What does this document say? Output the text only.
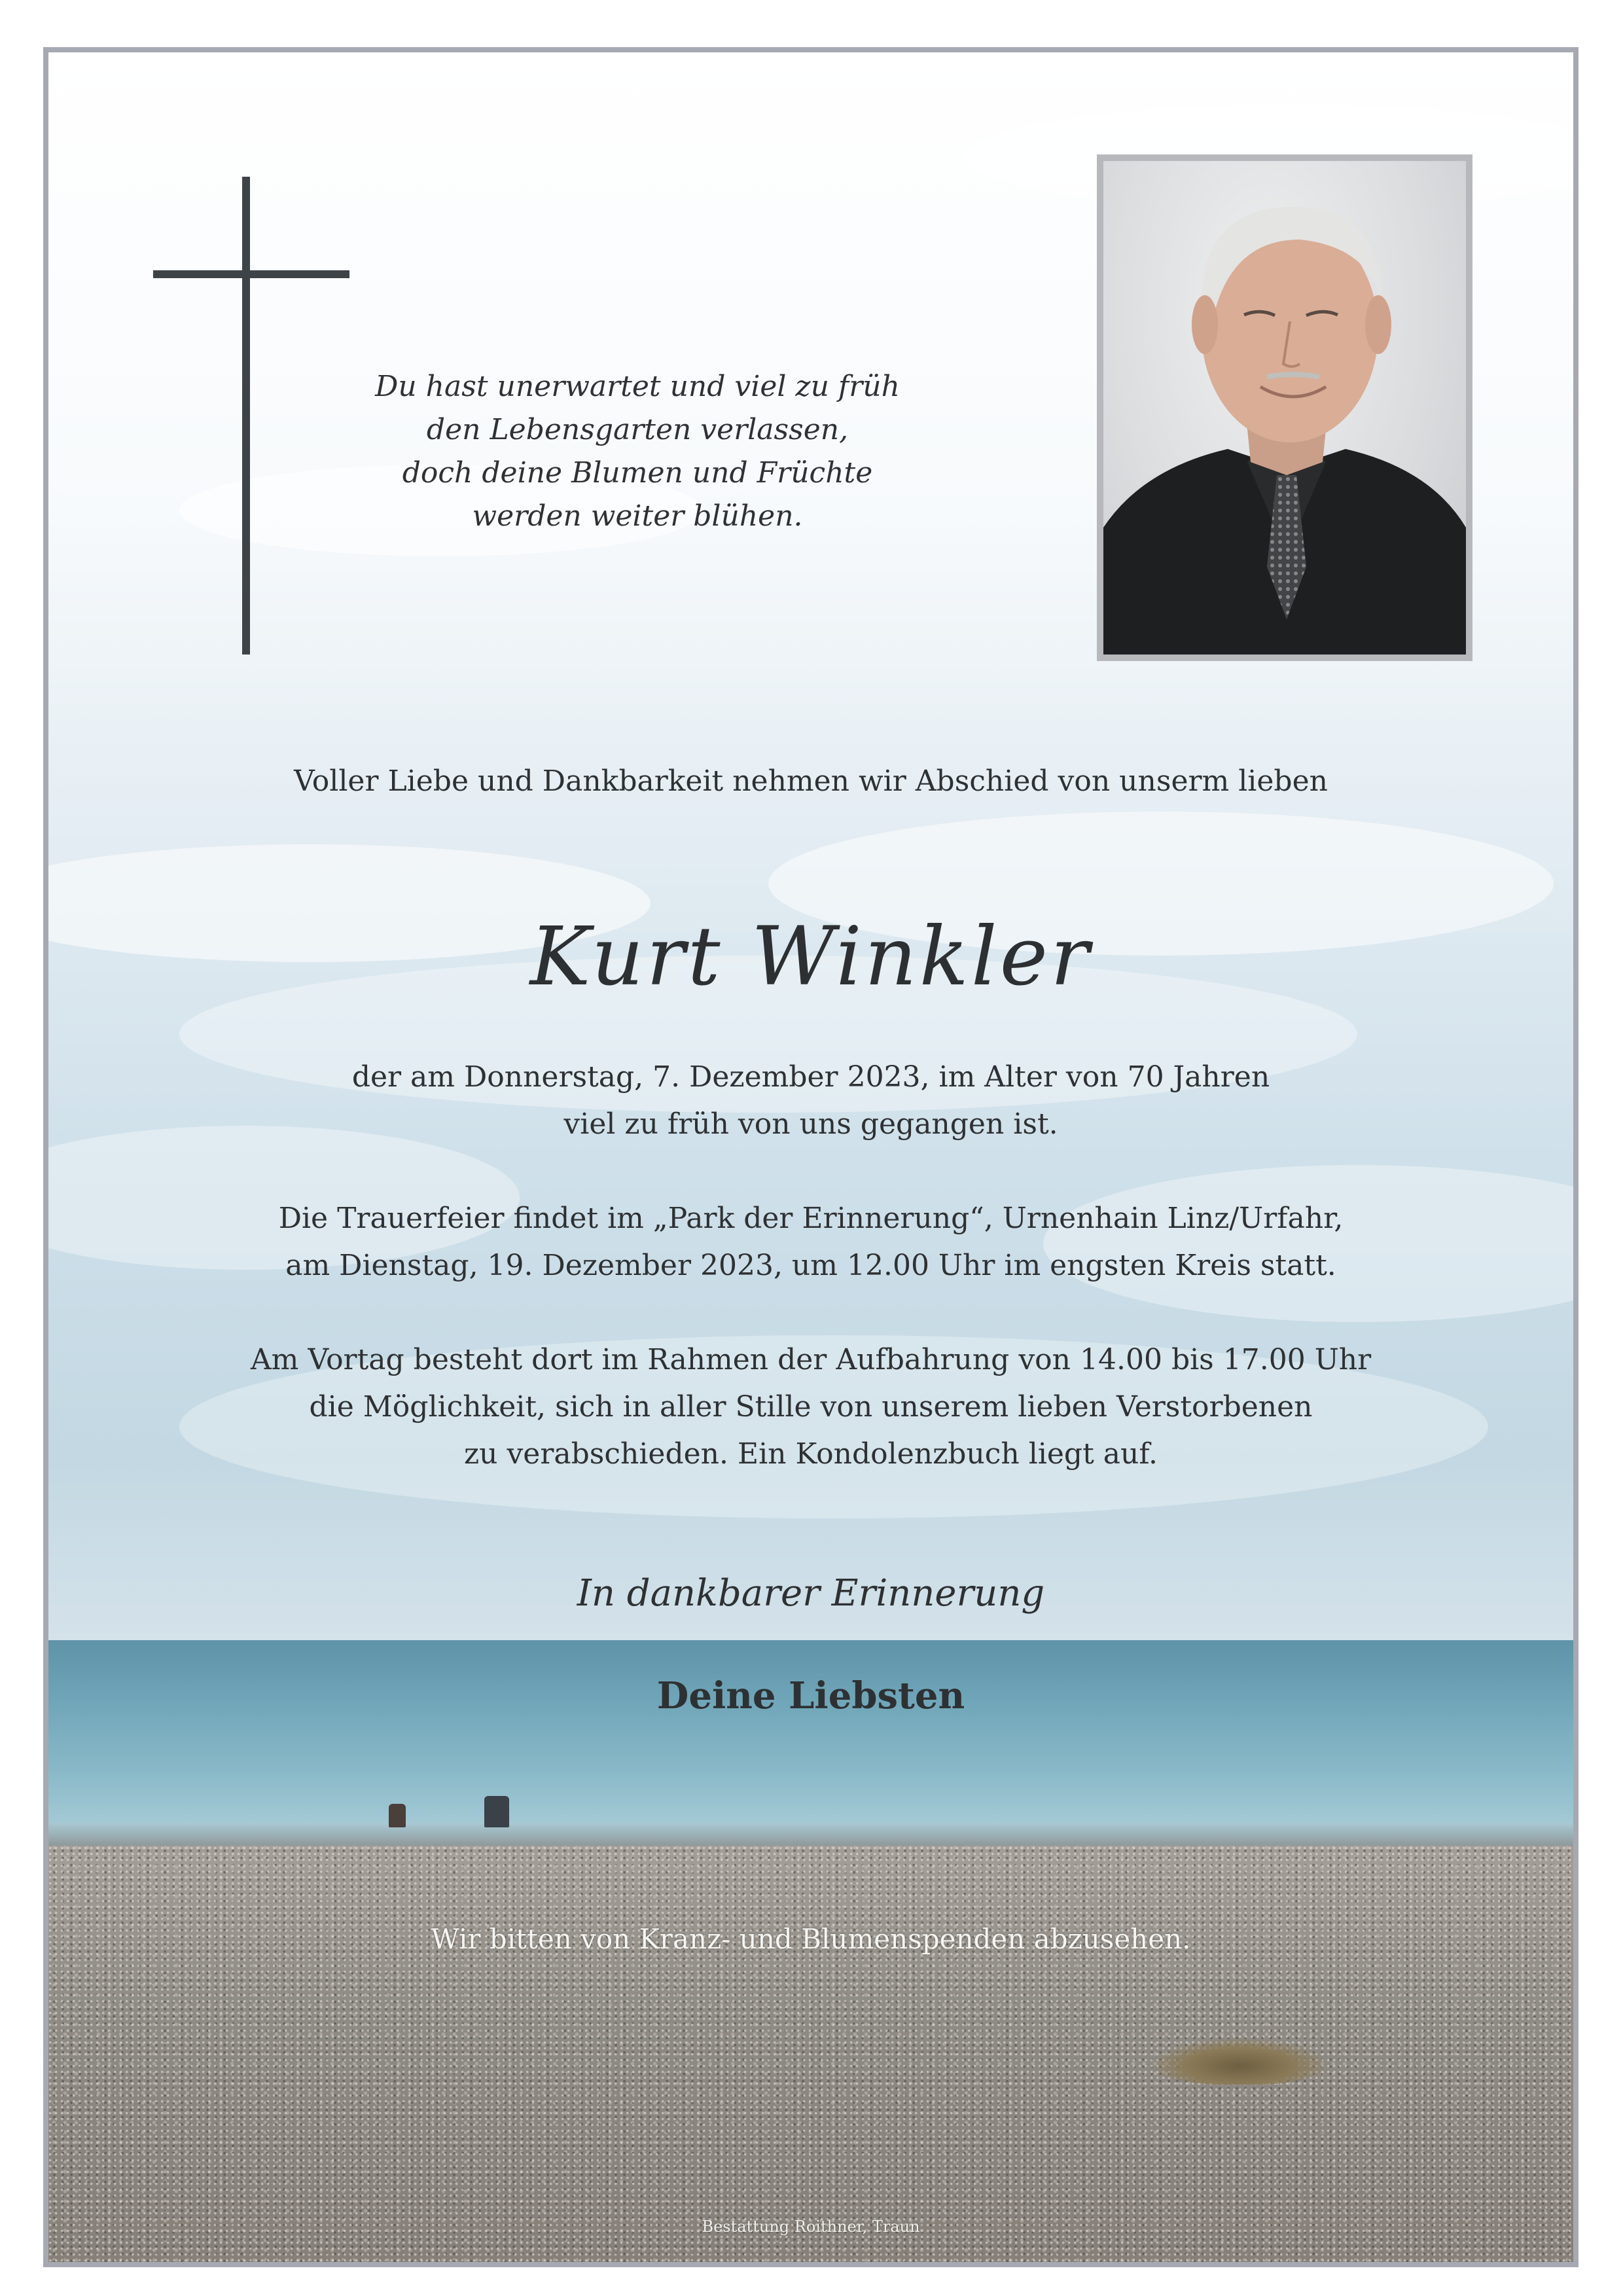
Du hast unerwartet und viel zu früh
den Lebensgarten verlassen,
doch deine Blumen und Früchte
werden weiter blühen.
Voller Liebe und Dankbarkeit nehmen wir Abschied von unserm lieben
Kurt Winkler
der am Donnerstag, 7. Dezember 2023, im Alter von 70 Jahren
viel zu früh von uns gegangen ist.
Die Trauerfeier findet im „Park der Erinnerung“, Urnenhain Linz/Urfahr,
am Dienstag, 19. Dezember 2023, um 12.00 Uhr im engsten Kreis statt.
Am Vortag besteht dort im Rahmen der Aufbahrung von 14.00 bis 17.00 Uhr
die Möglichkeit, sich in aller Stille von unserem lieben Verstorbenen
zu verabschieden. Ein Kondolenzbuch liegt auf.
In dankbarer Erinnerung
Deine Liebsten
Wir bitten von Kranz- und Blumenspenden abzusehen.
Bestattung Roithner, Traun
